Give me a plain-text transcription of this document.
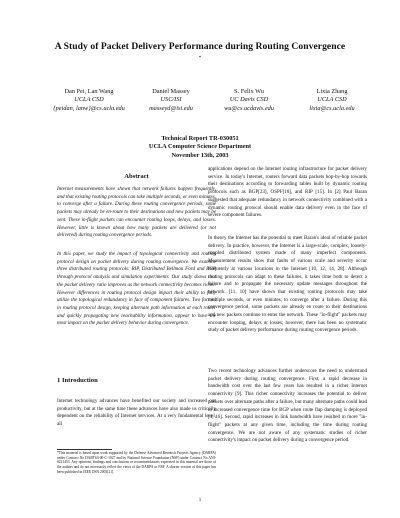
A Study of Packet Delivery Performance during Routing Convergence
*
Dan Pei, Lan Wang
UCLA CSD
{peidan, lanw}@cs.ucla.edu
Daniel Massey
USC/ISI
masseyd@isi.edu
S. Felix Wu
UC Davis CSD
wu@cs.ucdavis.edu
Lixia Zhang
UCLA CSD
lixia@cs.ucla.edu
Technical Report TR-030051
UCLA Computer Science Department
November 13th, 2003
Abstract

Internet measurements have shown that network failures happen frequently, and that existing routing protocols can take multiple seconds, or even minutes, to converge after a failure. During these routing convergence periods, some packets may already be en-route to their destinations and new packets may be sent. These in-flight packets can encounter routing loops, delays, and losses. However, little is known about how many packets are delivered (or not delivered) during routing convergence periods.

In this paper, we study the impact of topological connectivity and routing protocol design on packet delivery during routing convergence. We examine three distributed routing protocols: RIP, Distributed Bellman Ford and BGP through protocol analysis and simulation experiments. Our study shows that the packet delivery ratio improves as the network connectivity becomes richer. However differences in routing protocol design impact their ability to fully utilize the topological redundancy in face of component failures. Two factors in routing protocol design, keeping alternate path information at each router and quickly propagating new reachability information, appear to have the most impact on the packet delivery behavior during convergence.

1 Introduction

Internet technology advances have benefited our society and increased our productivity, but at the same time these advances have also made us critically dependent on the reliability of Internet services. At a very fundamental level, all

*This material is based upon work supported by the Defense Advanced Research Projects Agency (DARPA) under Contract No DABT63-00-C-1027 and by National Science Foundation (NSF) under Contract No ANI-0221453. Any opinions, findings and conclusions or recommendations expressed in this material are those of the authors and do not necessarily reflect the views of the DARPA or NSF. A shorter version of this paper has been published in IEEE DSN 2003[21].

applications depend on the Internet routing infrastructure for packet delivery service. In today's Internet, routers forward data packets hop-by-hop towards their destinations according to forwarding tables built by dynamic routing protocols such as BGP[23], OSPF[18], and RIP [15]. In [2] Paul Baran suggested that adequate redundancy in network connectivity combined with a dynamic routing protocol should enable data delivery even in the face of severe component failures.

In theory the Internet has the potential to meet Baran's ideal of reliable packet delivery. In practice, however, the Internet is a large-scale, complex, loosely-coupled distributed system made of many imperfect components. Measurement results show that faults of various scale and severity occur frequently at various locations in the Internet [10, 12, 14, 28]. Although routing protocols can adapt to these failures, it takes time both to detect a failure and to propagate the necessary update messages throughout the network. [11, 10] have shown that existing routing protocols may take multiple seconds, or even minutes, to converge after a failure. During this convergence period, some packets are already en route to their destinations and new packets continue to enter the network. These "in-flight" packets may encounter looping, delays or losses; however, there has been no systematic study of packet delivery performance during routing convergence periods.

Two recent technology advances further underscore the need to understand packet delivery during routing convergence. First, a rapid decrease in bandwidth cost over the last few years has resulted in a richer Internet connectivity [9]. This richer connectivity increases the potential to deliver packets over alternate paths after a failure, but many alternate paths could lead to increased convergence time for BGP when route flap damping is deployed [4, 16]. Second, rapid increases in link bandwidth have resulted in more "in-flight" packets at any given time, including the time during routing convergence. We are not aware of any systematic studies of richer connectivity's impact on packet delivery during a convergence period.

1
